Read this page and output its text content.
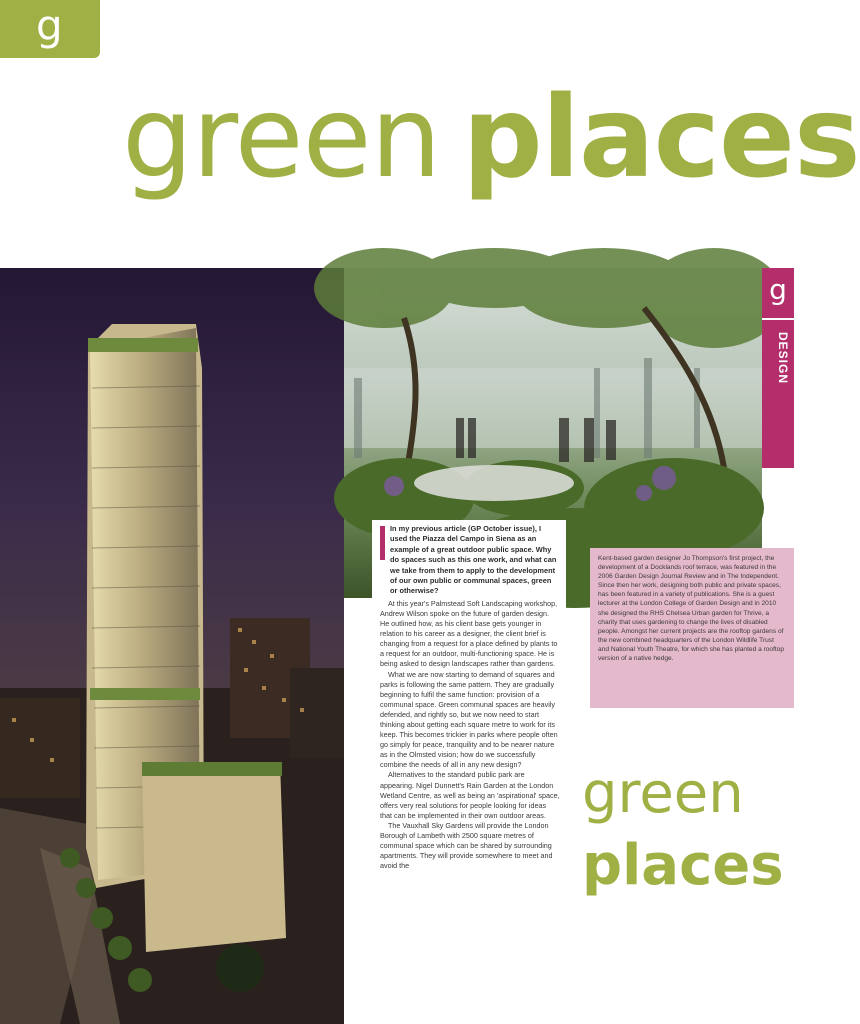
g
green places
g
DESIGN
In my previous article (GP October issue), I used the Piazza del Campo in Siena as an example of a great outdoor public space. Why do spaces such as this one work, and what can we take from them to apply to the development of our own public or communal spaces, green or otherwise?

At this year's Palmstead Soft Landscaping workshop, Andrew Wilson spoke on the future of garden design. He outlined how, as his client base gets younger in relation to his career as a designer, the client brief is changing from a request for a place defined by plants to a request for an outdoor, multi-functioning space. He is being asked to design landscapes rather than gardens.

What we are now starting to demand of squares and parks is following the same pattern. They are gradually beginning to fulfil the same function: provision of a communal space. Green communal spaces are heavily defended, and rightly so, but we now need to start thinking about getting each square metre to work for its keep. This becomes trickier in parks where people often go simply for peace, tranquility and to be nearer nature as in the Olmsted vision; how do we successfully combine the needs of all in any new design?

Alternatives to the standard public park are appearing. Nigel Dunnett's Rain Garden at the London Wetland Centre, as well as being an 'aspirational' space, offers very real solutions for people looking for ideas that can be implemented in their own outdoor areas.

The Vauxhall Sky Gardens will provide the London Borough of Lambeth with 2500 square metres of communal space which can be shared by surrounding apartments. They will provide somewhere to meet and avoid the

Kent-based garden designer Jo Thompson's first project, the development of a Docklands roof terrace, was featured in the 2006 Garden Design Journal Review and in The Independent. Since then her work, designing both public and private spaces, has been featured in a variety of publications. She is a guest lecturer at the London College of Garden Design and in 2010 she designed the RHS Chelsea Urban garden for Thrive, a charity that uses gardening to change the lives of disabled people. Amongst her current projects are the rooftop gardens of the new combined headquarters of the London Wildlife Trust and National Youth Theatre, for which she has planted a rooftop version of a native hedge.
green
places
